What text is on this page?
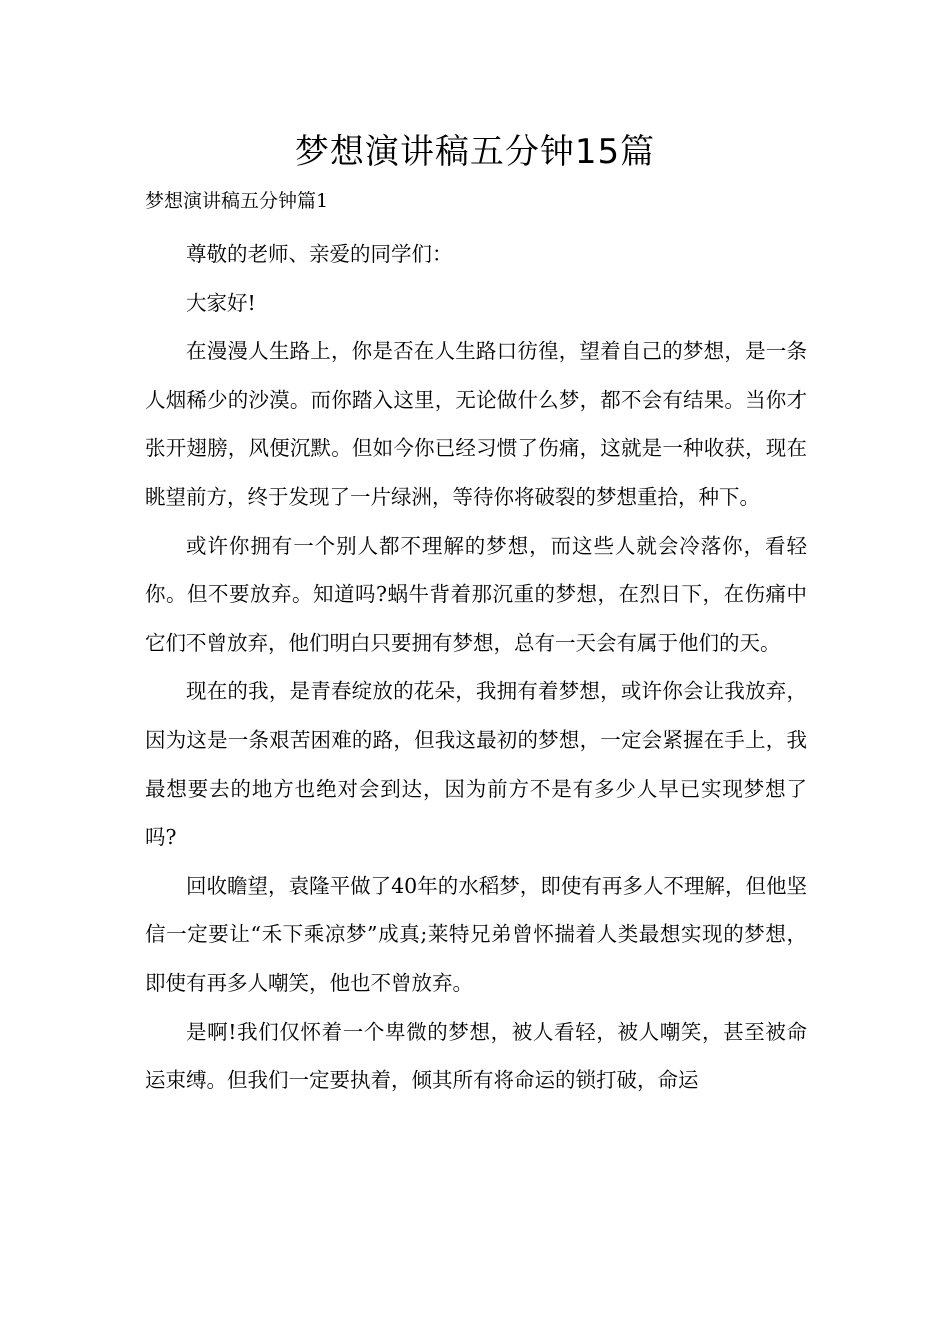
梦想演讲稿五分钟15篇
梦想演讲稿五分钟篇1

尊敬的老师、亲爱的同学们：

大家好!

在漫漫人生路上，你是否在人生路口彷徨，望着自己的梦想，是一条人烟稀少的沙漠。而你踏入这里，无论做什么梦，都不会有结果。当你才张开翅膀，风便沉默。但如今你已经习惯了伤痛，这就是一种收获，现在眺望前方，终于发现了一片绿洲，等待你将破裂的梦想重拾，种下。

或许你拥有一个别人都不理解的梦想，而这些人就会冷落你，看轻你。但不要放弃。知道吗?蜗牛背着那沉重的梦想，在烈日下，在伤痛中它们不曾放弃，他们明白只要拥有梦想，总有一天会有属于他们的天。

现在的我，是青春绽放的花朵，我拥有着梦想，或许你会让我放弃，因为这是一条艰苦困难的路，但我这最初的梦想，一定会紧握在手上，我最想要去的地方也绝对会到达，因为前方不是有多少人早已实现梦想了吗?

回收瞻望，袁隆平做了40年的水稻梦，即使有再多人不理解，但他坚信一定要让“禾下乘凉梦”成真;莱特兄弟曾怀揣着人类最想实现的梦想，即使有再多人嘲笑，他也不曾放弃。

是啊!我们仅怀着一个卑微的梦想，被人看轻，被人嘲笑，甚至被命运束缚。但我们一定要执着，倾其所有将命运的锁打破，命运
